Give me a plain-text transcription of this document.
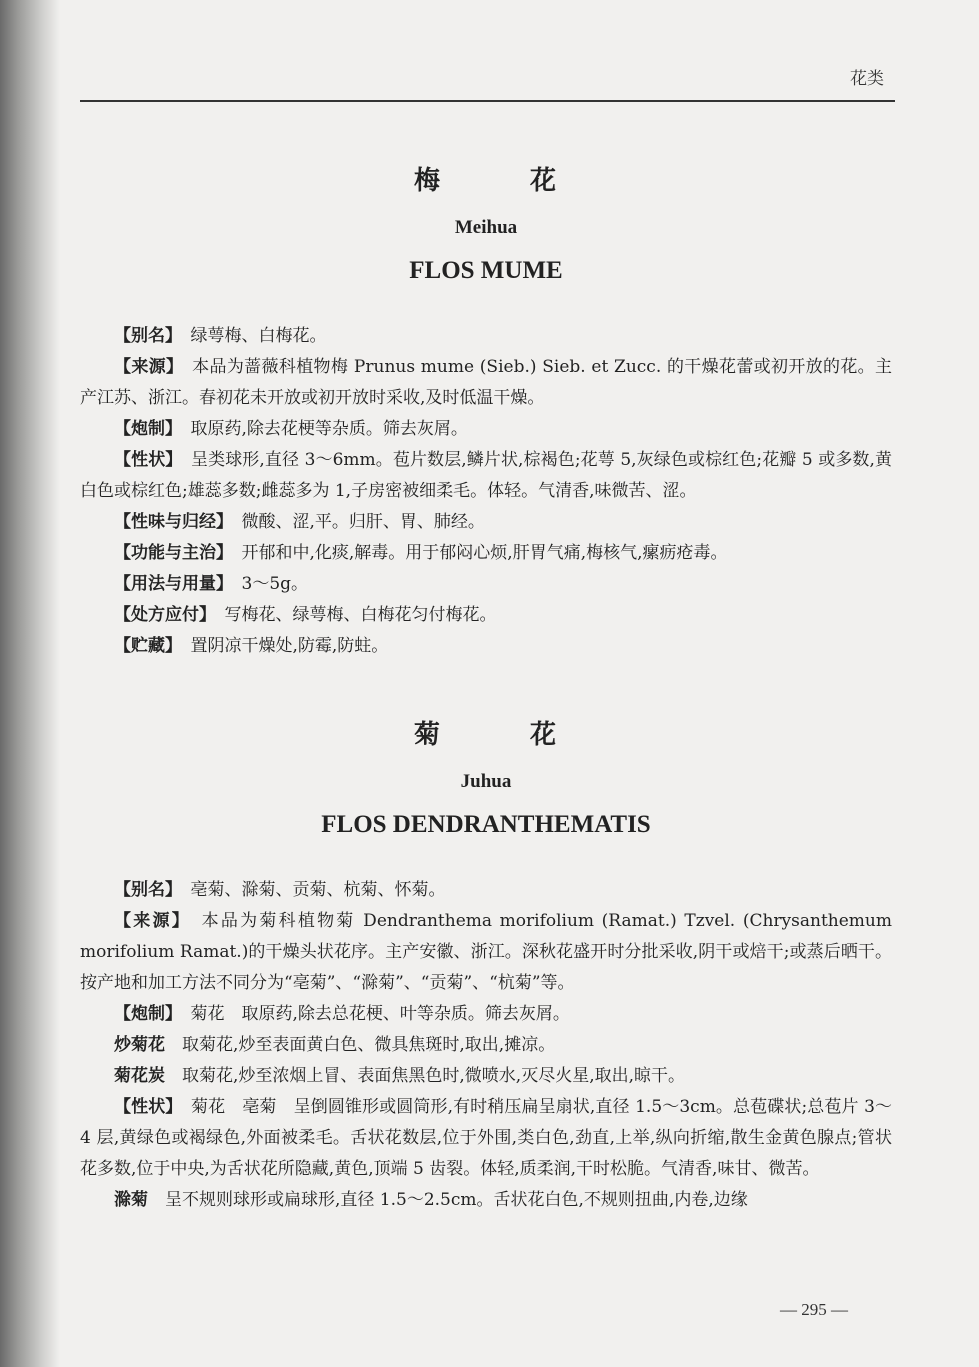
花类
梅　花
Meihua
FLOS MUME

【别名】　绿萼梅、白梅花。

【来源】　本品为蔷薇科植物梅 Prunus mume (Sieb.) Sieb. et Zucc. 的干燥花蕾或初开放的花。主产江苏、浙江。春初花未开放或初开放时采收,及时低温干燥。

【炮制】　取原药,除去花梗等杂质。筛去灰屑。

【性状】　呈类球形,直径 3～6mm。苞片数层,鳞片状,棕褐色;花萼 5,灰绿色或棕红色;花瓣 5 或多数,黄白色或棕红色;雄蕊多数;雌蕊多为 1,子房密被细柔毛。体轻。气清香,味微苦、涩。

【性味与归经】　微酸、涩,平。归肝、胃、肺经。

【功能与主治】　开郁和中,化痰,解毒。用于郁闷心烦,肝胃气痛,梅核气,瘰疬疮毒。

【用法与用量】　3～5g。

【处方应付】　写梅花、绿萼梅、白梅花匀付梅花。

【贮藏】　置阴凉干燥处,防霉,防蛀。

菊　花
Juhua
FLOS DENDRANTHEMATIS

【别名】　亳菊、滁菊、贡菊、杭菊、怀菊。

【来源】　本品为菊科植物菊 Dendranthema morifolium (Ramat.) Tzvel. (Chrysanthemum morifolium Ramat.)的干燥头状花序。主产安徽、浙江。深秋花盛开时分批采收,阴干或焙干;或蒸后晒干。按产地和加工方法不同分为“亳菊”、“滁菊”、“贡菊”、“杭菊”等。

【炮制】　菊花　取原药,除去总花梗、叶等杂质。筛去灰屑。

炒菊花　取菊花,炒至表面黄白色、微具焦斑时,取出,摊凉。

菊花炭　取菊花,炒至浓烟上冒、表面焦黑色时,微喷水,灭尽火星,取出,晾干。

【性状】　菊花　亳菊　呈倒圆锥形或圆筒形,有时稍压扁呈扇状,直径 1.5～3cm。总苞碟状;总苞片 3～4 层,黄绿色或褐绿色,外面被柔毛。舌状花数层,位于外围,类白色,劲直,上举,纵向折缩,散生金黄色腺点;管状花多数,位于中央,为舌状花所隐藏,黄色,顶端 5 齿裂。体轻,质柔润,干时松脆。气清香,味甘、微苦。

滁菊　呈不规则球形或扁球形,直径 1.5～2.5cm。舌状花白色,不规则扭曲,内卷,边缘

— 295 —
